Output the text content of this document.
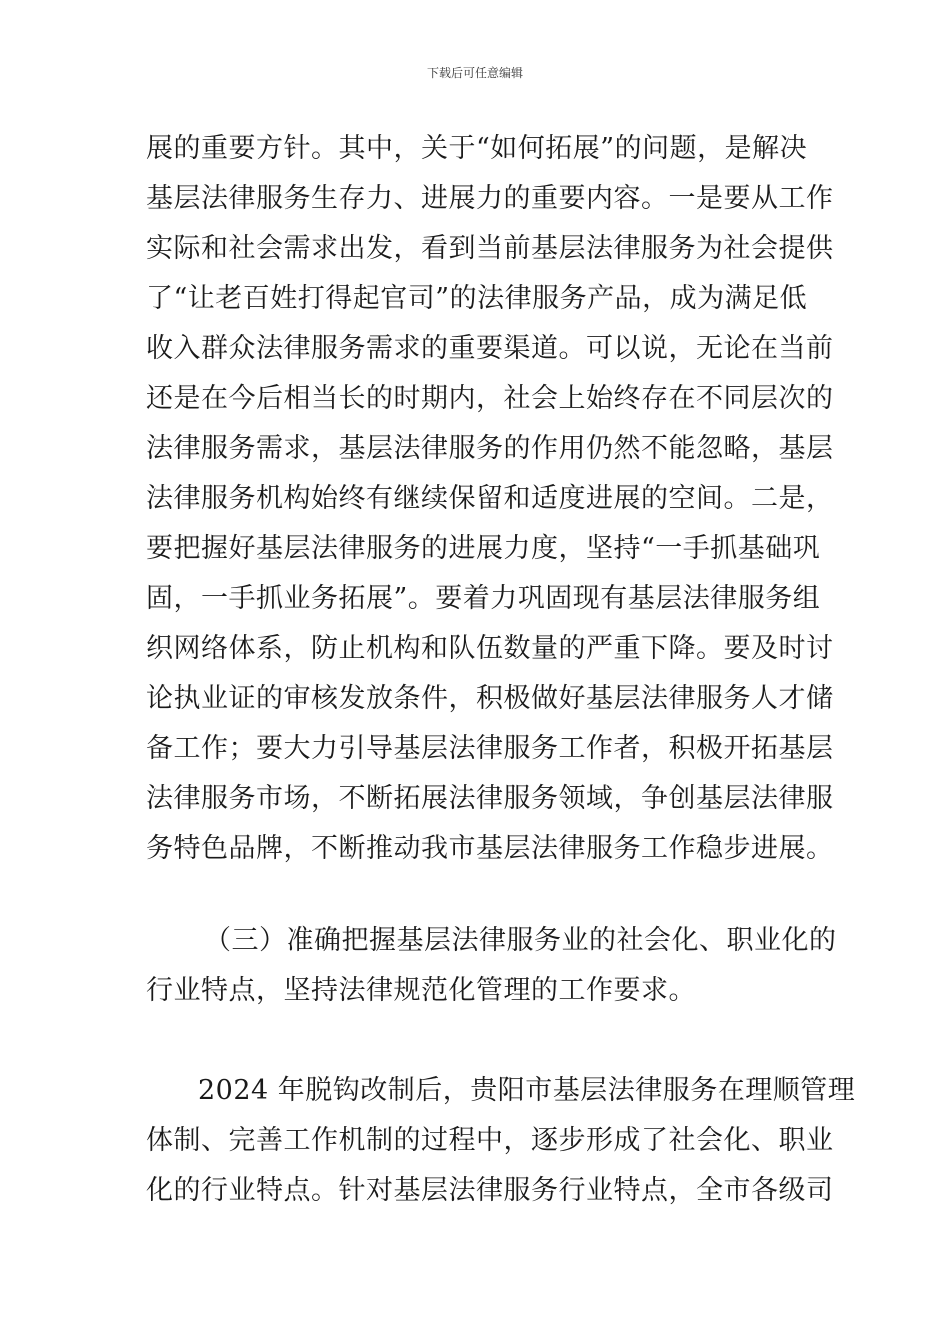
下载后可任意编辑
展的重要方针。其中，关于“如何拓展”的问题，是解决
基层法律服务生存力、进展力的重要内容。一是要从工作
实际和社会需求出发，看到当前基层法律服务为社会提供
了“让老百姓打得起官司”的法律服务产品，成为满足低
收入群众法律服务需求的重要渠道。可以说，无论在当前
还是在今后相当长的时期内，社会上始终存在不同层次的
法律服务需求，基层法律服务的作用仍然不能忽略，基层
法律服务机构始终有继续保留和适度进展的空间。二是，
要把握好基层法律服务的进展力度，坚持“一手抓基础巩
固，一手抓业务拓展”。要着力巩固现有基层法律服务组
织网络体系，防止机构和队伍数量的严重下降。要及时讨
论执业证的审核发放条件，积极做好基层法律服务人才储
备工作；要大力引导基层法律服务工作者，积极开拓基层
法律服务市场，不断拓展法律服务领域，争创基层法律服
务特色品牌，不断推动我市基层法律服务工作稳步进展。
（三）准确把握基层法律服务业的社会化、职业化的
行业特点，坚持法律规范化管理的工作要求。
2024 年脱钩改制后，贵阳市基层法律服务在理顺管理
体制、完善工作机制的过程中，逐步形成了社会化、职业
化的行业特点。针对基层法律服务行业特点，全市各级司
